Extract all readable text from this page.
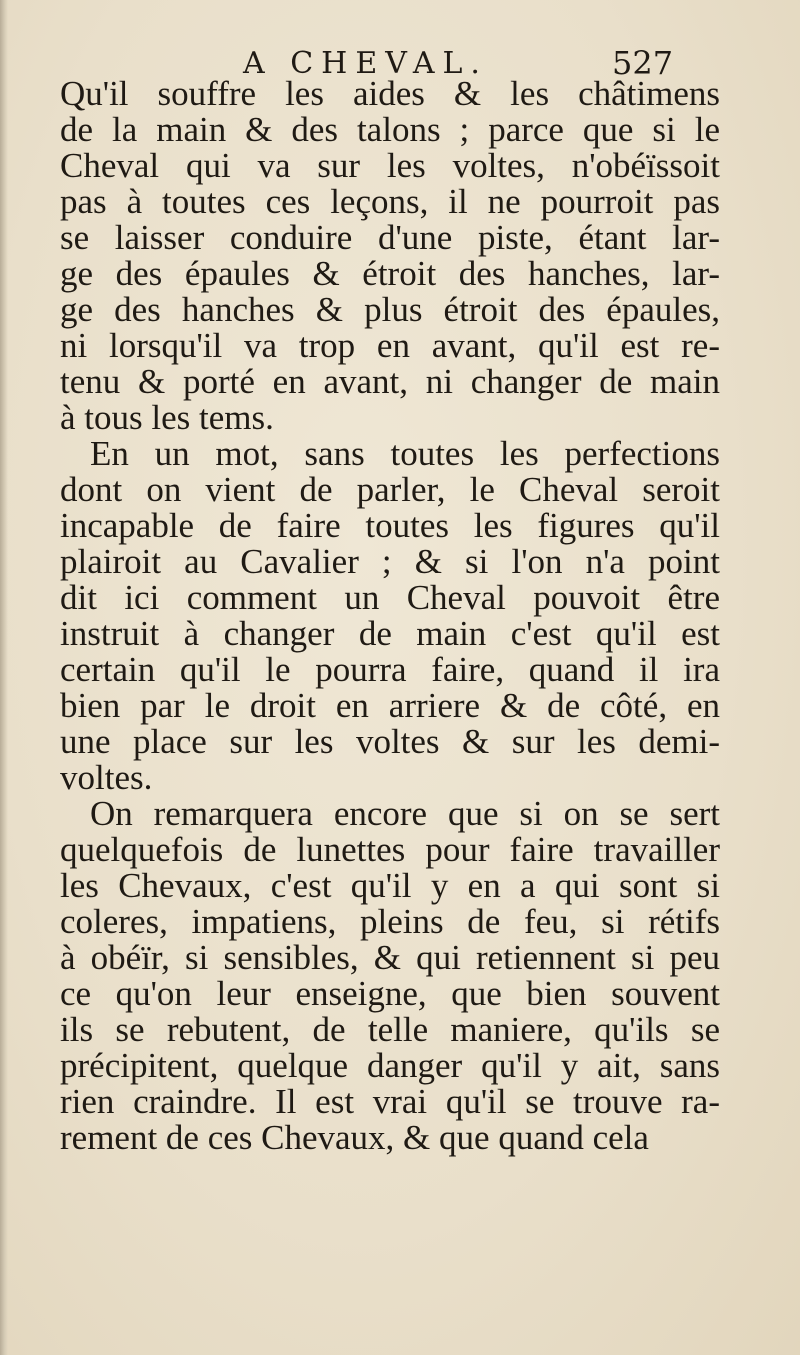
A CHEVAL.	527
Qu'il souffre les aides & les châtimens
de la main & des talons ; parce que si le
Cheval qui va sur les voltes, n'obéïssoit
pas à toutes ces leçons, il ne pourroit pas
se laisser conduire d'une piste, étant lar-
ge des épaules & étroit des hanches, lar-
ge des hanches & plus étroit des épaules,
ni lorsqu'il va trop en avant, qu'il est re-
tenu & porté en avant, ni changer de main
à tous les tems.
En un mot, sans toutes les perfections
dont on vient de parler, le Cheval seroit
incapable de faire toutes les figures qu'il
plairoit au Cavalier ; & si l'on n'a point
dit ici comment un Cheval pouvoit être
instruit à changer de main c'est qu'il est
certain qu'il le pourra faire, quand il ira
bien par le droit en arriere & de côté, en
une place sur les voltes & sur les demi-
voltes.
On remarquera encore que si on se sert
quelquefois de lunettes pour faire travailler
les Chevaux, c'est qu'il y en a qui sont si
coleres, impatiens, pleins de feu, si rétifs
à obéïr, si sensibles, & qui retiennent si peu
ce qu'on leur enseigne, que bien souvent
ils se rebutent, de telle maniere, qu'ils se
précipitent, quelque danger qu'il y ait, sans
rien craindre. Il est vrai qu'il se trouve ra-
rement de ces Chevaux, & que quand cela
